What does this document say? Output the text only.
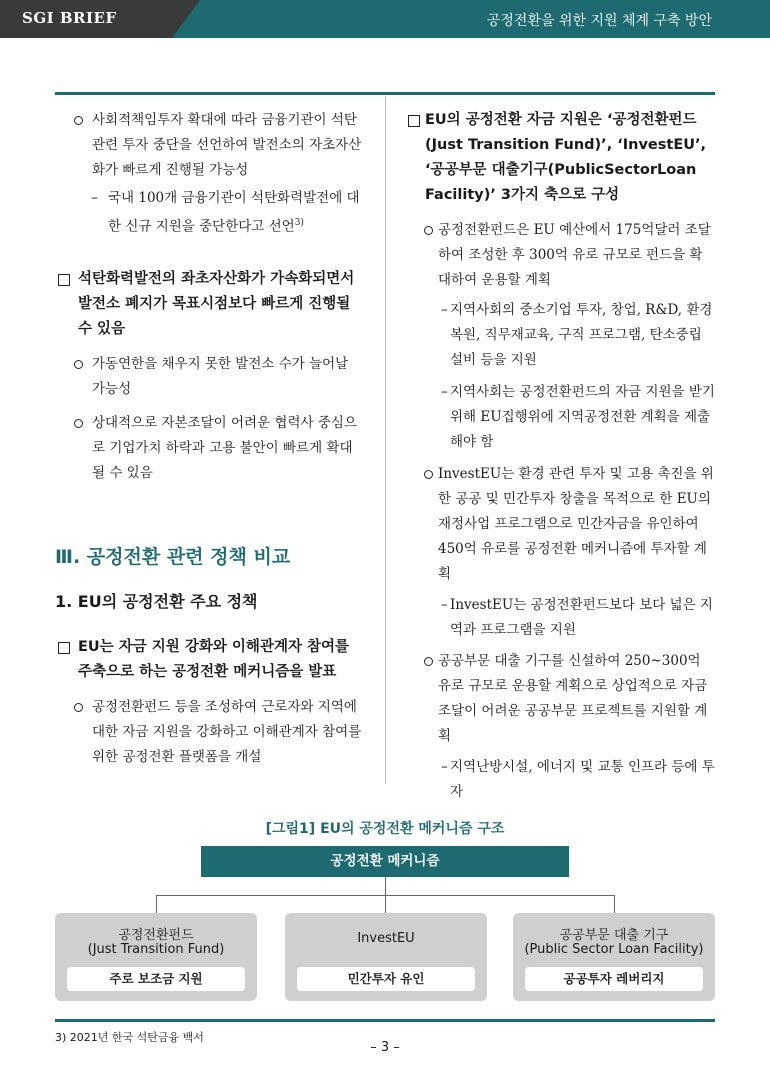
SGI BRIEF	공정전환을 위한 지원 체계 구축 방안
사회적책임투자 확대에 따라 금융기관이 석탄관련 투자 중단을 선언하여 발전소의 자초자산화가 빠르게 진행될 가능성
– 국내 100개 금융기관이 석탄화력발전에 대한 신규 지원을 중단한다고 선언$^{3)}$
석탄화력발전의 좌초자산화가 가속화되면서 발전소 폐지가 목표시점보다 빠르게 진행될 수 있음
가동연한을 채우지 못한 발전소 수가 늘어날 가능성
상대적으로 자본조달이 어려운 협력사 중심으로 기업가치 하락과 고용 불안이 빠르게 확대될 수 있음
Ⅲ. 공정전환 관련 정책 비교
1. EU의 공정전환 주요 정책
EU는 자금 지원 강화와 이해관계자 참여를 주축으로 하는 공정전환 메커니즘을 발표
공정전환펀드 등을 조성하여 근로자와 지역에 대한 자금 지원을 강화하고 이해관계자 참여를 위한 공정전환 플랫폼을 개설
EU의 공정전환 자금 지원은 ‘공정전환펀드(Just Transition Fund)’, ‘InvestEU’, ‘공공부문 대출기구(PublicSectorLoan Facility)’ 3가지 축으로 구성
공정전환펀드은 EU 예산에서 175억달러 조달하여 조성한 후 300억 유로 규모로 펀드을 확대하여 운용할 계획
– 지역사회의 중소기업 투자, 창업, R&D, 환경복원, 직무재교육, 구직 프로그램, 탄소중립 설비 등을 지원
– 지역사회는 공정전환펀드의 자금 지원을 받기 위해 EU집행위에 지역공정전환 계획을 제출해야 함
InvestEU는 환경 관련 투자 및 고용 촉진을 위한 공공 및 민간투자 창출을 목적으로 한 EU의 재정사업 프로그램으로 민간자금을 유인하여 450억 유로를 공정전환 메커니즘에 투자할 계획
– InvestEU는 공정전환펀드보다 보다 넓은 지역과 프로그램을 지원
공공부문 대출 기구를 신설하여 250~300억 유로 규모로 운용할 계획으로 상업적으로 자금 조달이 어려운 공공부문 프로젝트를 지원할 계획
– 지역난방시설, 에너지 및 교통 인프라 등에 투자
[그림1] EU의 공정전환 메커니즘 구조
공정전환 메커니즘
공정전환펀드
(Just Transition Fund)
주로 보조금 지원
InvestEU
민간투자 유인
공공부문 대출 기구
(Public Sector Loan Facility)
공공투자 레버리지
3) 2021년 한국 석탄금융 백서
– 3 –
